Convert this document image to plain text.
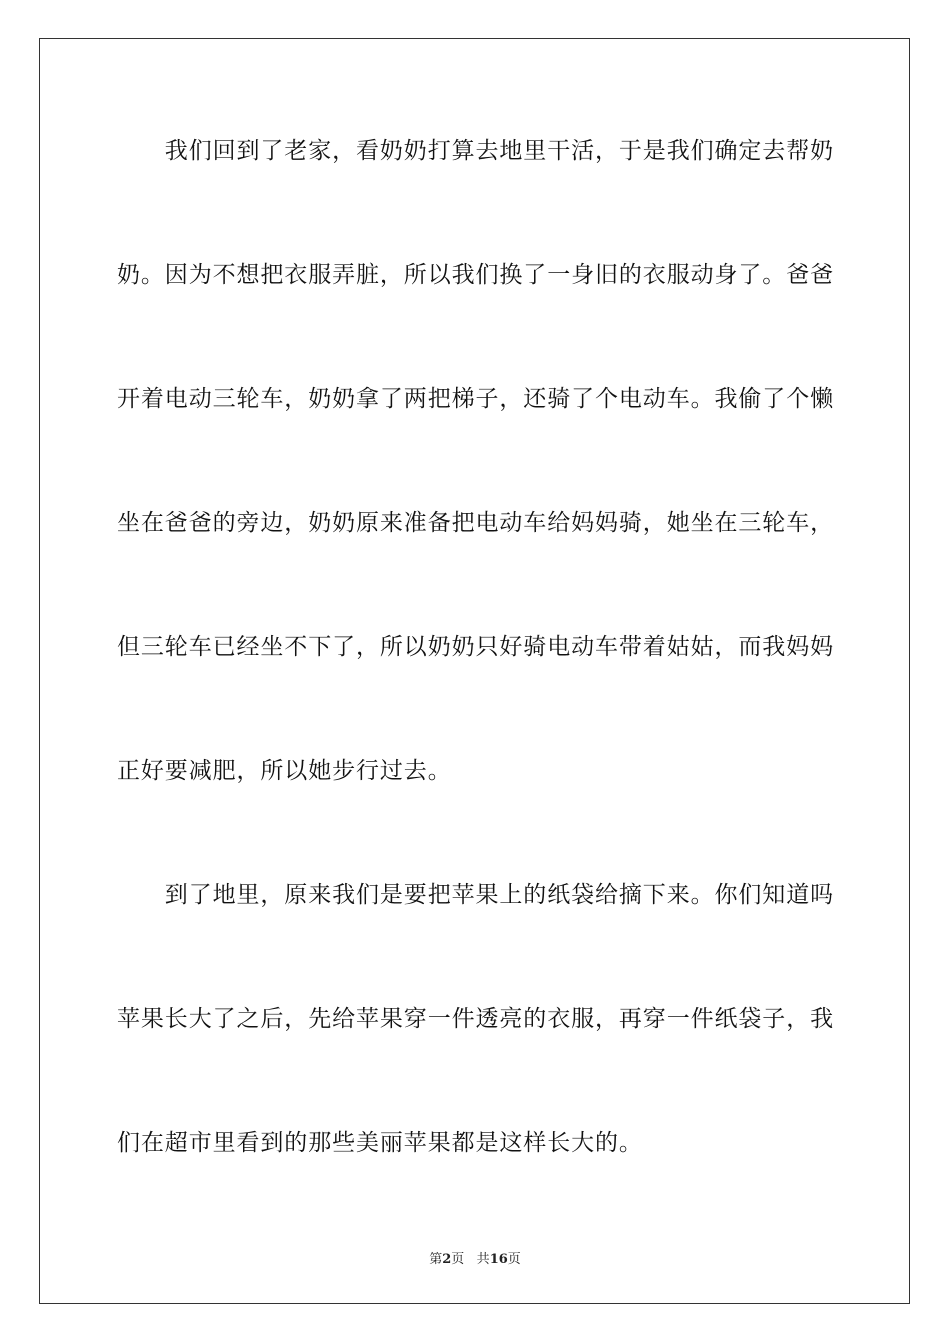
　　我们回到了老家，看奶奶打算去地里干活，于是我们确定去帮奶
奶。因为不想把衣服弄脏，所以我们换了一身旧的衣服动身了。爸爸
开着电动三轮车，奶奶拿了两把梯子，还骑了个电动车。我偷了个懒
坐在爸爸的旁边，奶奶原来准备把电动车给妈妈骑，她坐在三轮车，
但三轮车已经坐不下了，所以奶奶只好骑电动车带着姑姑，而我妈妈
正好要减肥，所以她步行过去。
　　到了地里，原来我们是要把苹果上的纸袋给摘下来。你们知道吗
苹果长大了之后，先给苹果穿一件透亮的衣服，再穿一件纸袋子，我
们在超市里看到的那些美丽苹果都是这样长大的。
第2页 共16页
